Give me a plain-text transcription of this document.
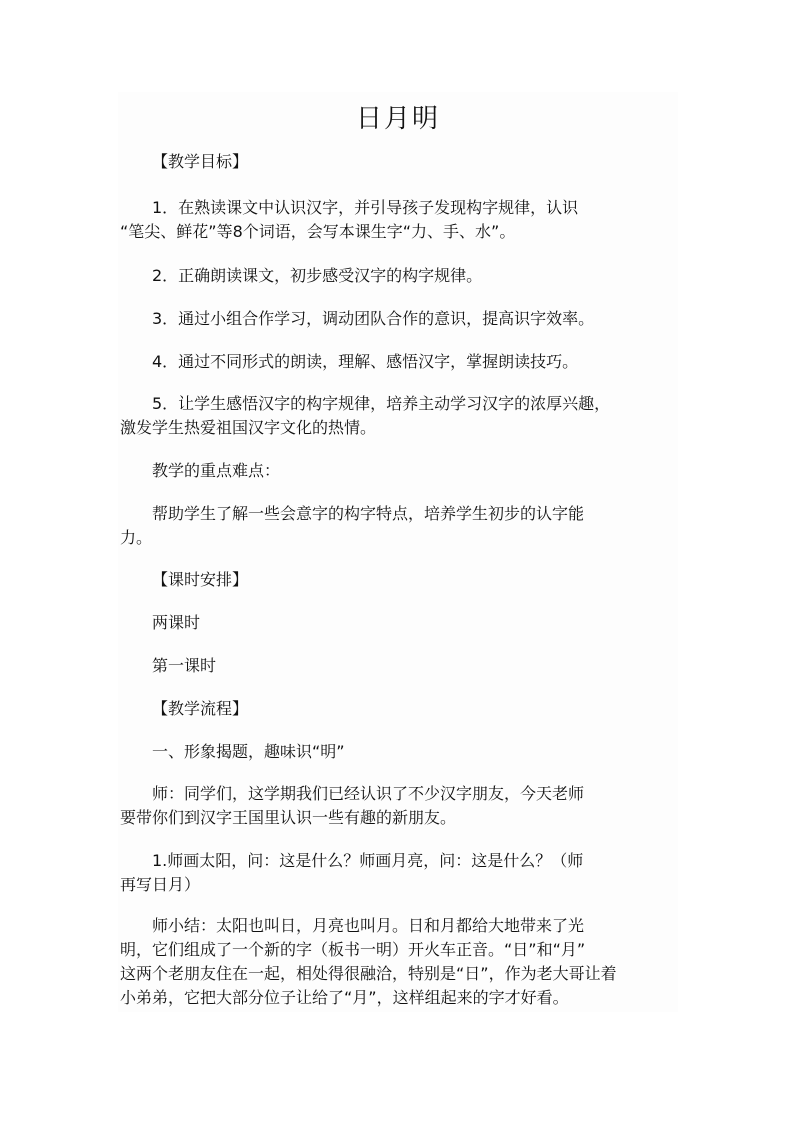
日月明

【教学目标】

1．在熟读课文中认识汉字，并引导孩子发现构字规律，认识
“笔尖、鲜花”等8个词语，会写本课生字“力、手、水”。

2．正确朗读课文，初步感受汉字的构字规律。

3．通过小组合作学习，调动团队合作的意识，提高识字效率。

4．通过不同形式的朗读，理解、感悟汉字，掌握朗读技巧。

5．让学生感悟汉字的构字规律，培养主动学习汉字的浓厚兴趣，
激发学生热爱祖国汉字文化的热情。

教学的重点难点：

帮助学生了解一些会意字的构字特点，培养学生初步的认字能
力。

【课时安排】

两课时

第一课时

【教学流程】

一、形象揭题，趣味识“明”

师：同学们，这学期我们已经认识了不少汉字朋友，今天老师
要带你们到汉字王国里认识一些有趣的新朋友。

1.师画太阳，问：这是什么？师画月亮，问：这是什么？（师
再写日月）

师小结：太阳也叫日，月亮也叫月。日和月都给大地带来了光
明，它们组成了一个新的字（板书一明）开火车正音。“日”和“月”
这两个老朋友住在一起，相处得很融洽，特别是“日”，作为老大哥让着
小弟弟，它把大部分位子让给了“月”，这样组起来的字才好看。
